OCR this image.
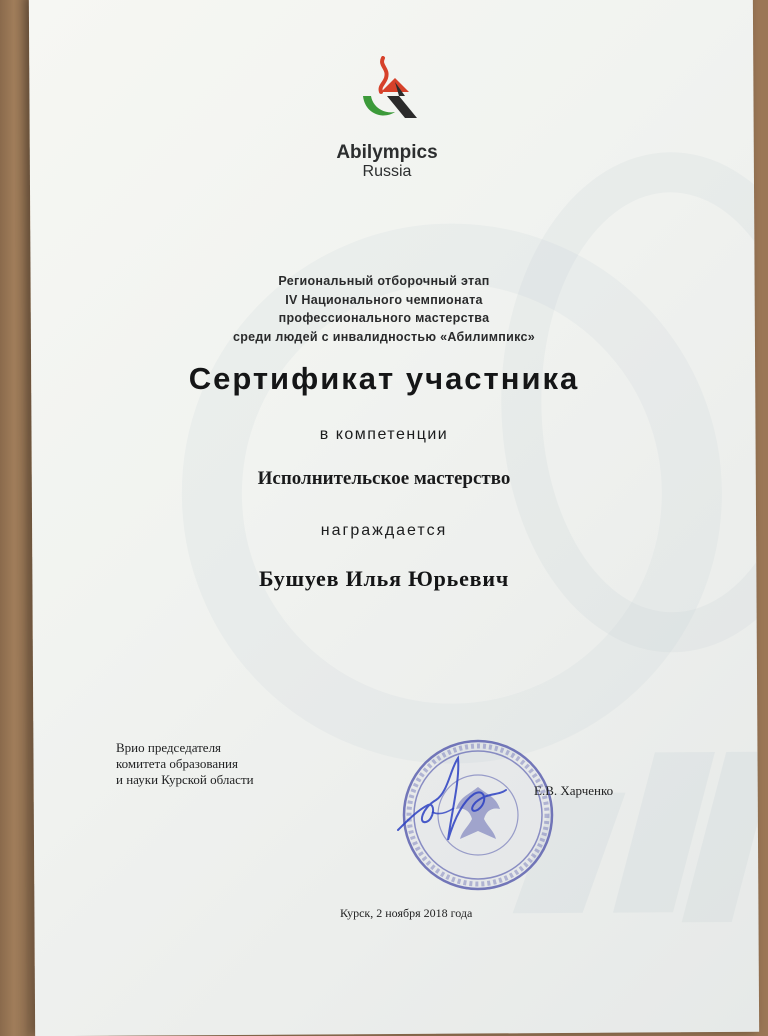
Abilympics
Russia
Региональный отборочный этап
IV Национального чемпионата
профессионального мастерства
среди людей с инвалидностью «Абилимпикс»
Сертификат участника
в компетенции
Исполнительское мастерство
награждается
Бушуев Илья Юрьевич
Врио председателя
комитета образования
и науки Курской области
Е.В. Харченко
Курск, 2 ноября 2018 года
